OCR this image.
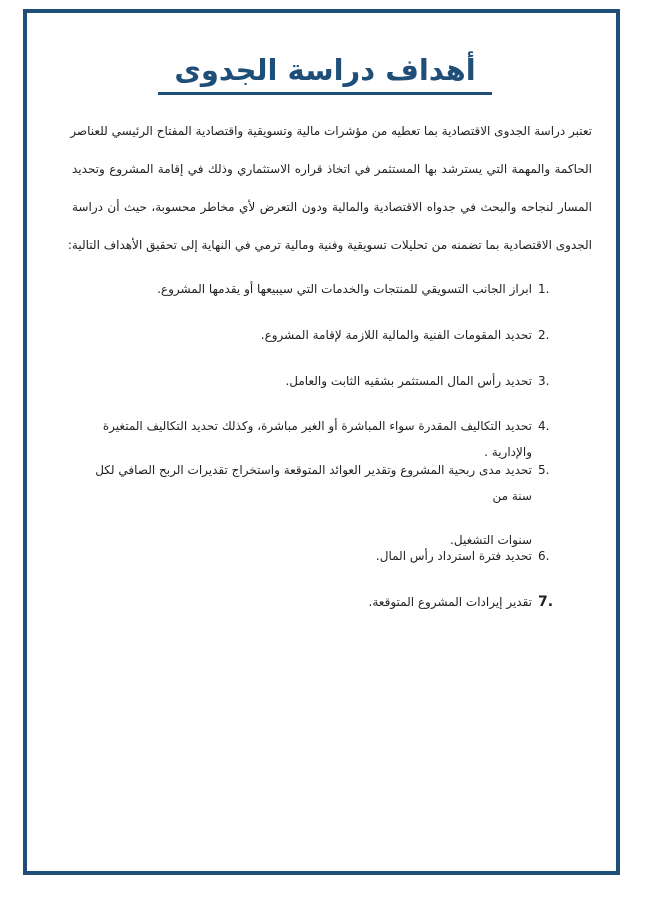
أهداف دراسة الجدوى
تعتبر دراسة الجدوى الاقتصادية بما تعطيه من مؤشرات مالية وتسويقية واقتصادية المفتاح الرئيسي للعناصر
الحاكمة والمهمة التي يسترشد بها المستثمر في اتخاذ قراره الاستثماري وذلك في إقامة المشروع وتحديد
المسار لنجاحه والبحث في جدواه الاقتصادية والمالية ودون التعرض لأي مخاطر محسوبة، حيث أن دراسة
الجدوى الاقتصادية بما تضمنه من تحليلات تسويقية وفنية ومالية ترمي في النهاية إلى تحقيق الأهداف التالية:
1.
ابراز الجانب التسويقي للمنتجات والخدمات التي سيبيعها أو يقدمها المشروع.
2.
تحديد المقومات الفنية والمالية اللازمة لإقامة المشروع.
3.
تحديد رأس المال المستثمر بشقيه الثابت والعامل.
4.
تحديد التكاليف المقدرة سواء المباشرة أو الغير مباشرة، وكذلك تحديد التكاليف المتغيرة والإدارية .
5.
تحديد مدى ربحية المشروع وتقدير العوائد المتوقعة واستخراج تقديرات الربح الصافي لكل سنة من
سنوات التشغيل.
6.
تحديد فترة استرداد رأس المال.
7.
تقدير إيرادات المشروع المتوقعة.
